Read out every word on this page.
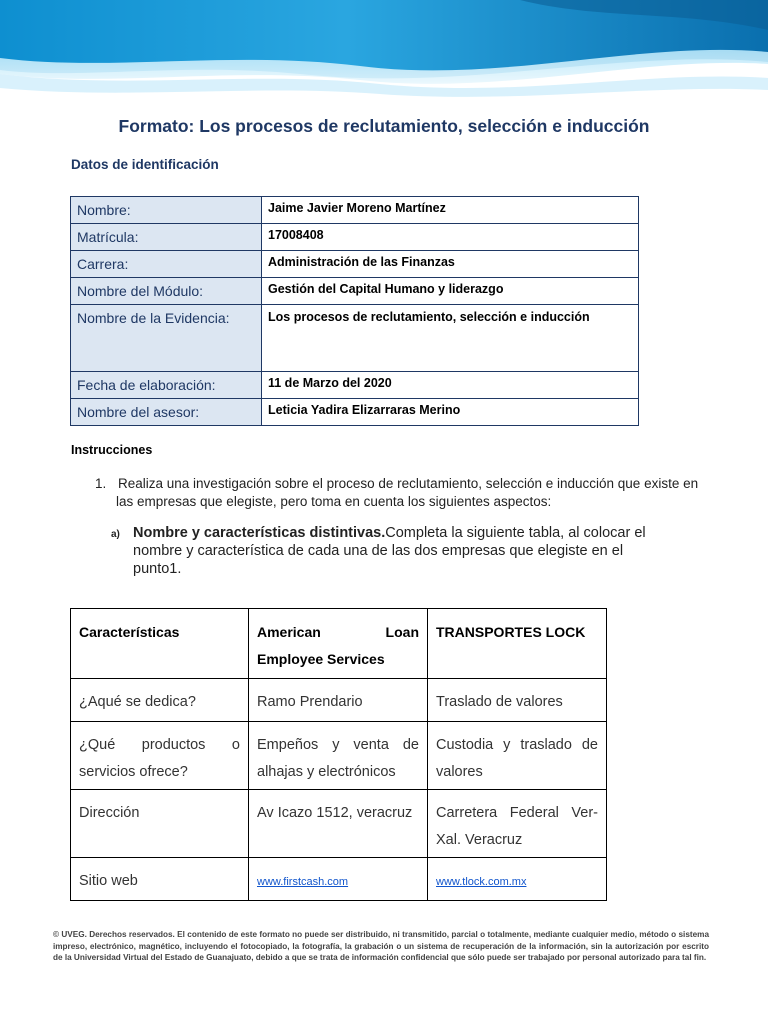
Formato: Los procesos de reclutamiento, selección e inducción
Datos de identificación
Nombre:	Jaime Javier Moreno Martínez
Matrícula:	17008408
Carrera:	Administración de las Finanzas
Nombre del Módulo:	Gestión del Capital Humano y liderazgo
Nombre de la Evidencia:	Los procesos de reclutamiento, selección e inducción
Fecha de elaboración:	11 de Marzo del 2020
Nombre del asesor:	Leticia Yadira Elizarraras Merino
Instrucciones
1. Realiza una investigación sobre el proceso de reclutamiento, selección e inducción que existe en las empresas que elegiste, pero toma en cuenta los siguientes aspectos:
a) Nombre y características distintivas.Completa la siguiente tabla, al colocar el nombre y característica de cada una de las dos empresas que elegiste en el punto1.
Características	American Loan Employee Services	TRANSPORTES LOCK
¿Aqué se dedica?	Ramo Prendario	Traslado de valores
¿Qué productos o servicios ofrece?	Empeños y venta de alhajas y electrónicos	Custodia y traslado de valores
Dirección	Av Icazo 1512, veracruz	Carretera Federal Ver-Xal. Veracruz
Sitio web	www.firstcash.com	www.tlock.com.mx
© UVEG. Derechos reservados. El contenido de este formato no puede ser distribuido, ni transmitido, parcial o totalmente, mediante cualquier medio, método o sistema impreso, electrónico, magnético, incluyendo el fotocopiado, la fotografía, la grabación o un sistema de recuperación de la información, sin la autorización por escrito de la Universidad Virtual del Estado de Guanajuato, debido a que se trata de información confidencial que sólo puede ser trabajado por personal autorizado para tal fin.
